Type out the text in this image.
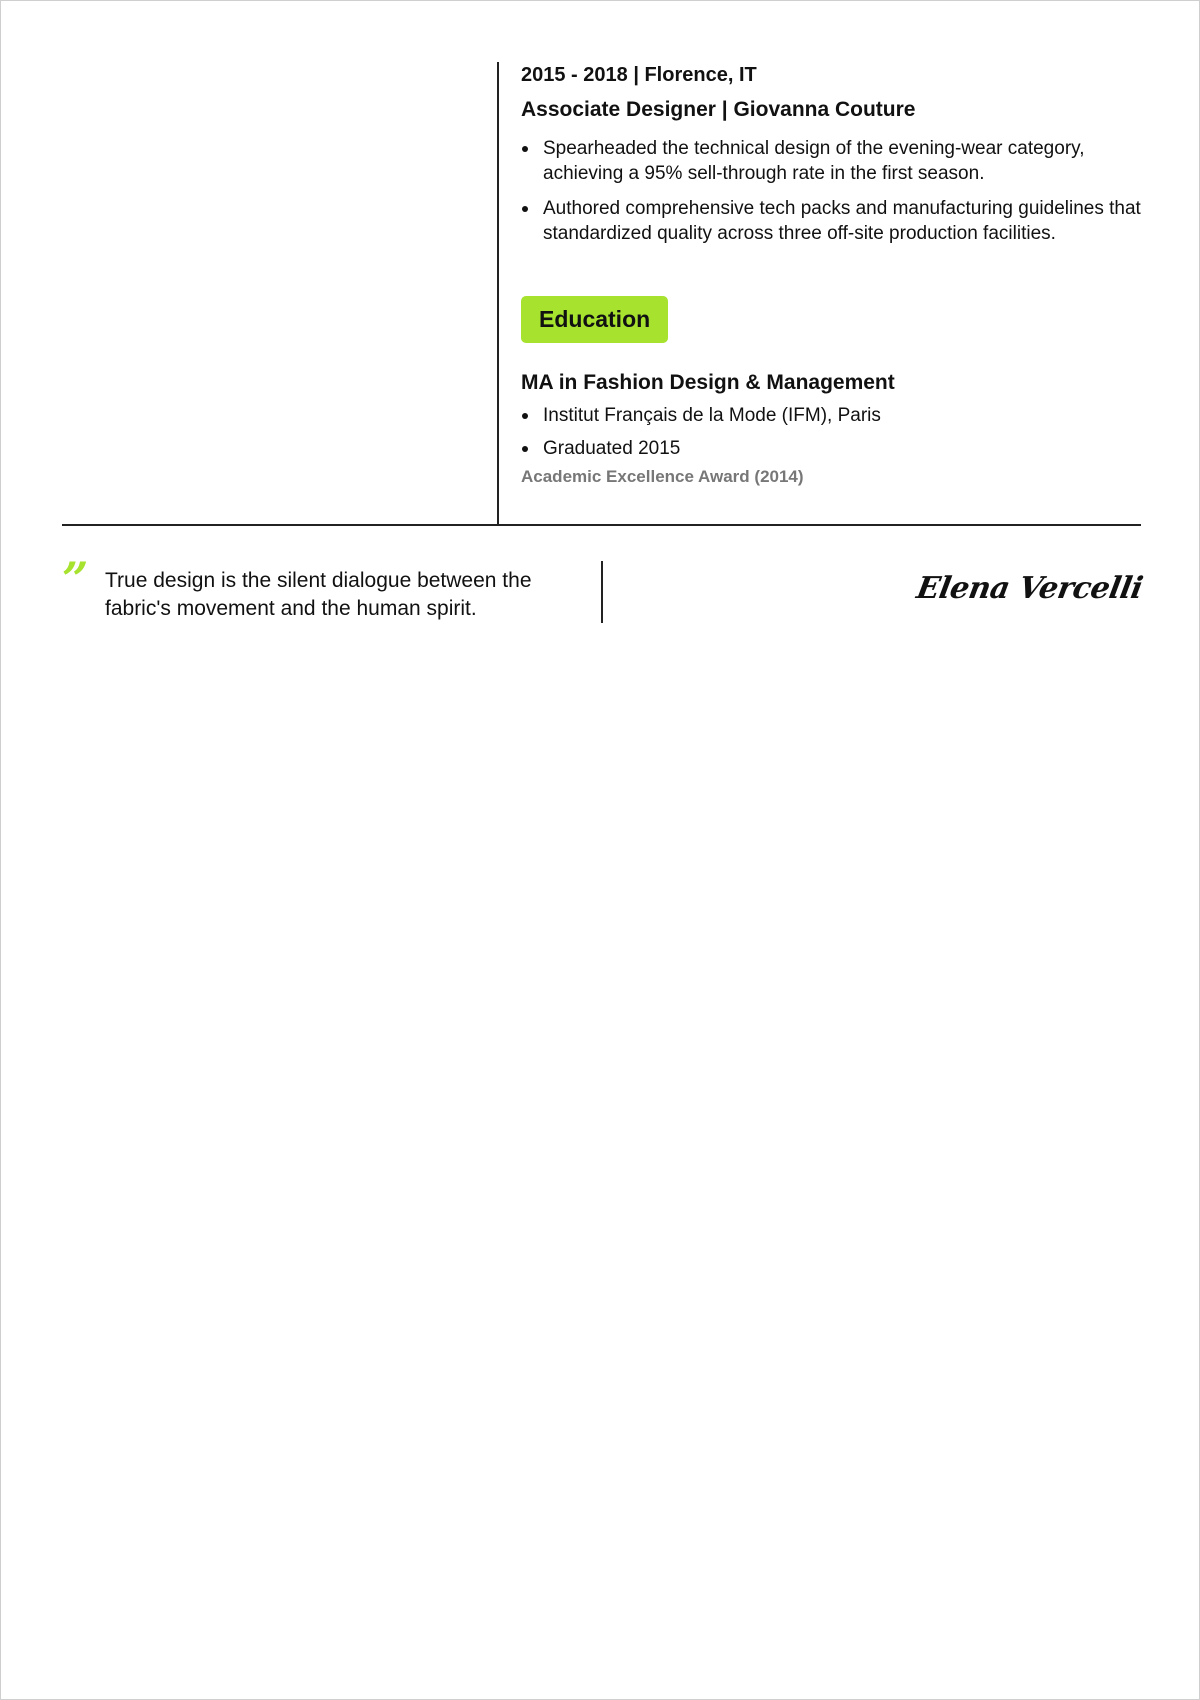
2015 - 2018 | Florence, IT
Associate Designer | Giovanna Couture
Spearheaded the technical design of the evening-wear category, achieving a 95% sell-through rate in the first season.
Authored comprehensive tech packs and manufacturing guidelines that standardized quality across three off-site production facilities.
Education
MA in Fashion Design & Management
Institut Français de la Mode (IFM), Paris
Graduated 2015
Academic Excellence Award (2014)
” True design is the silent dialogue between the fabric's movement and the human spirit.
Elena Vercelli
